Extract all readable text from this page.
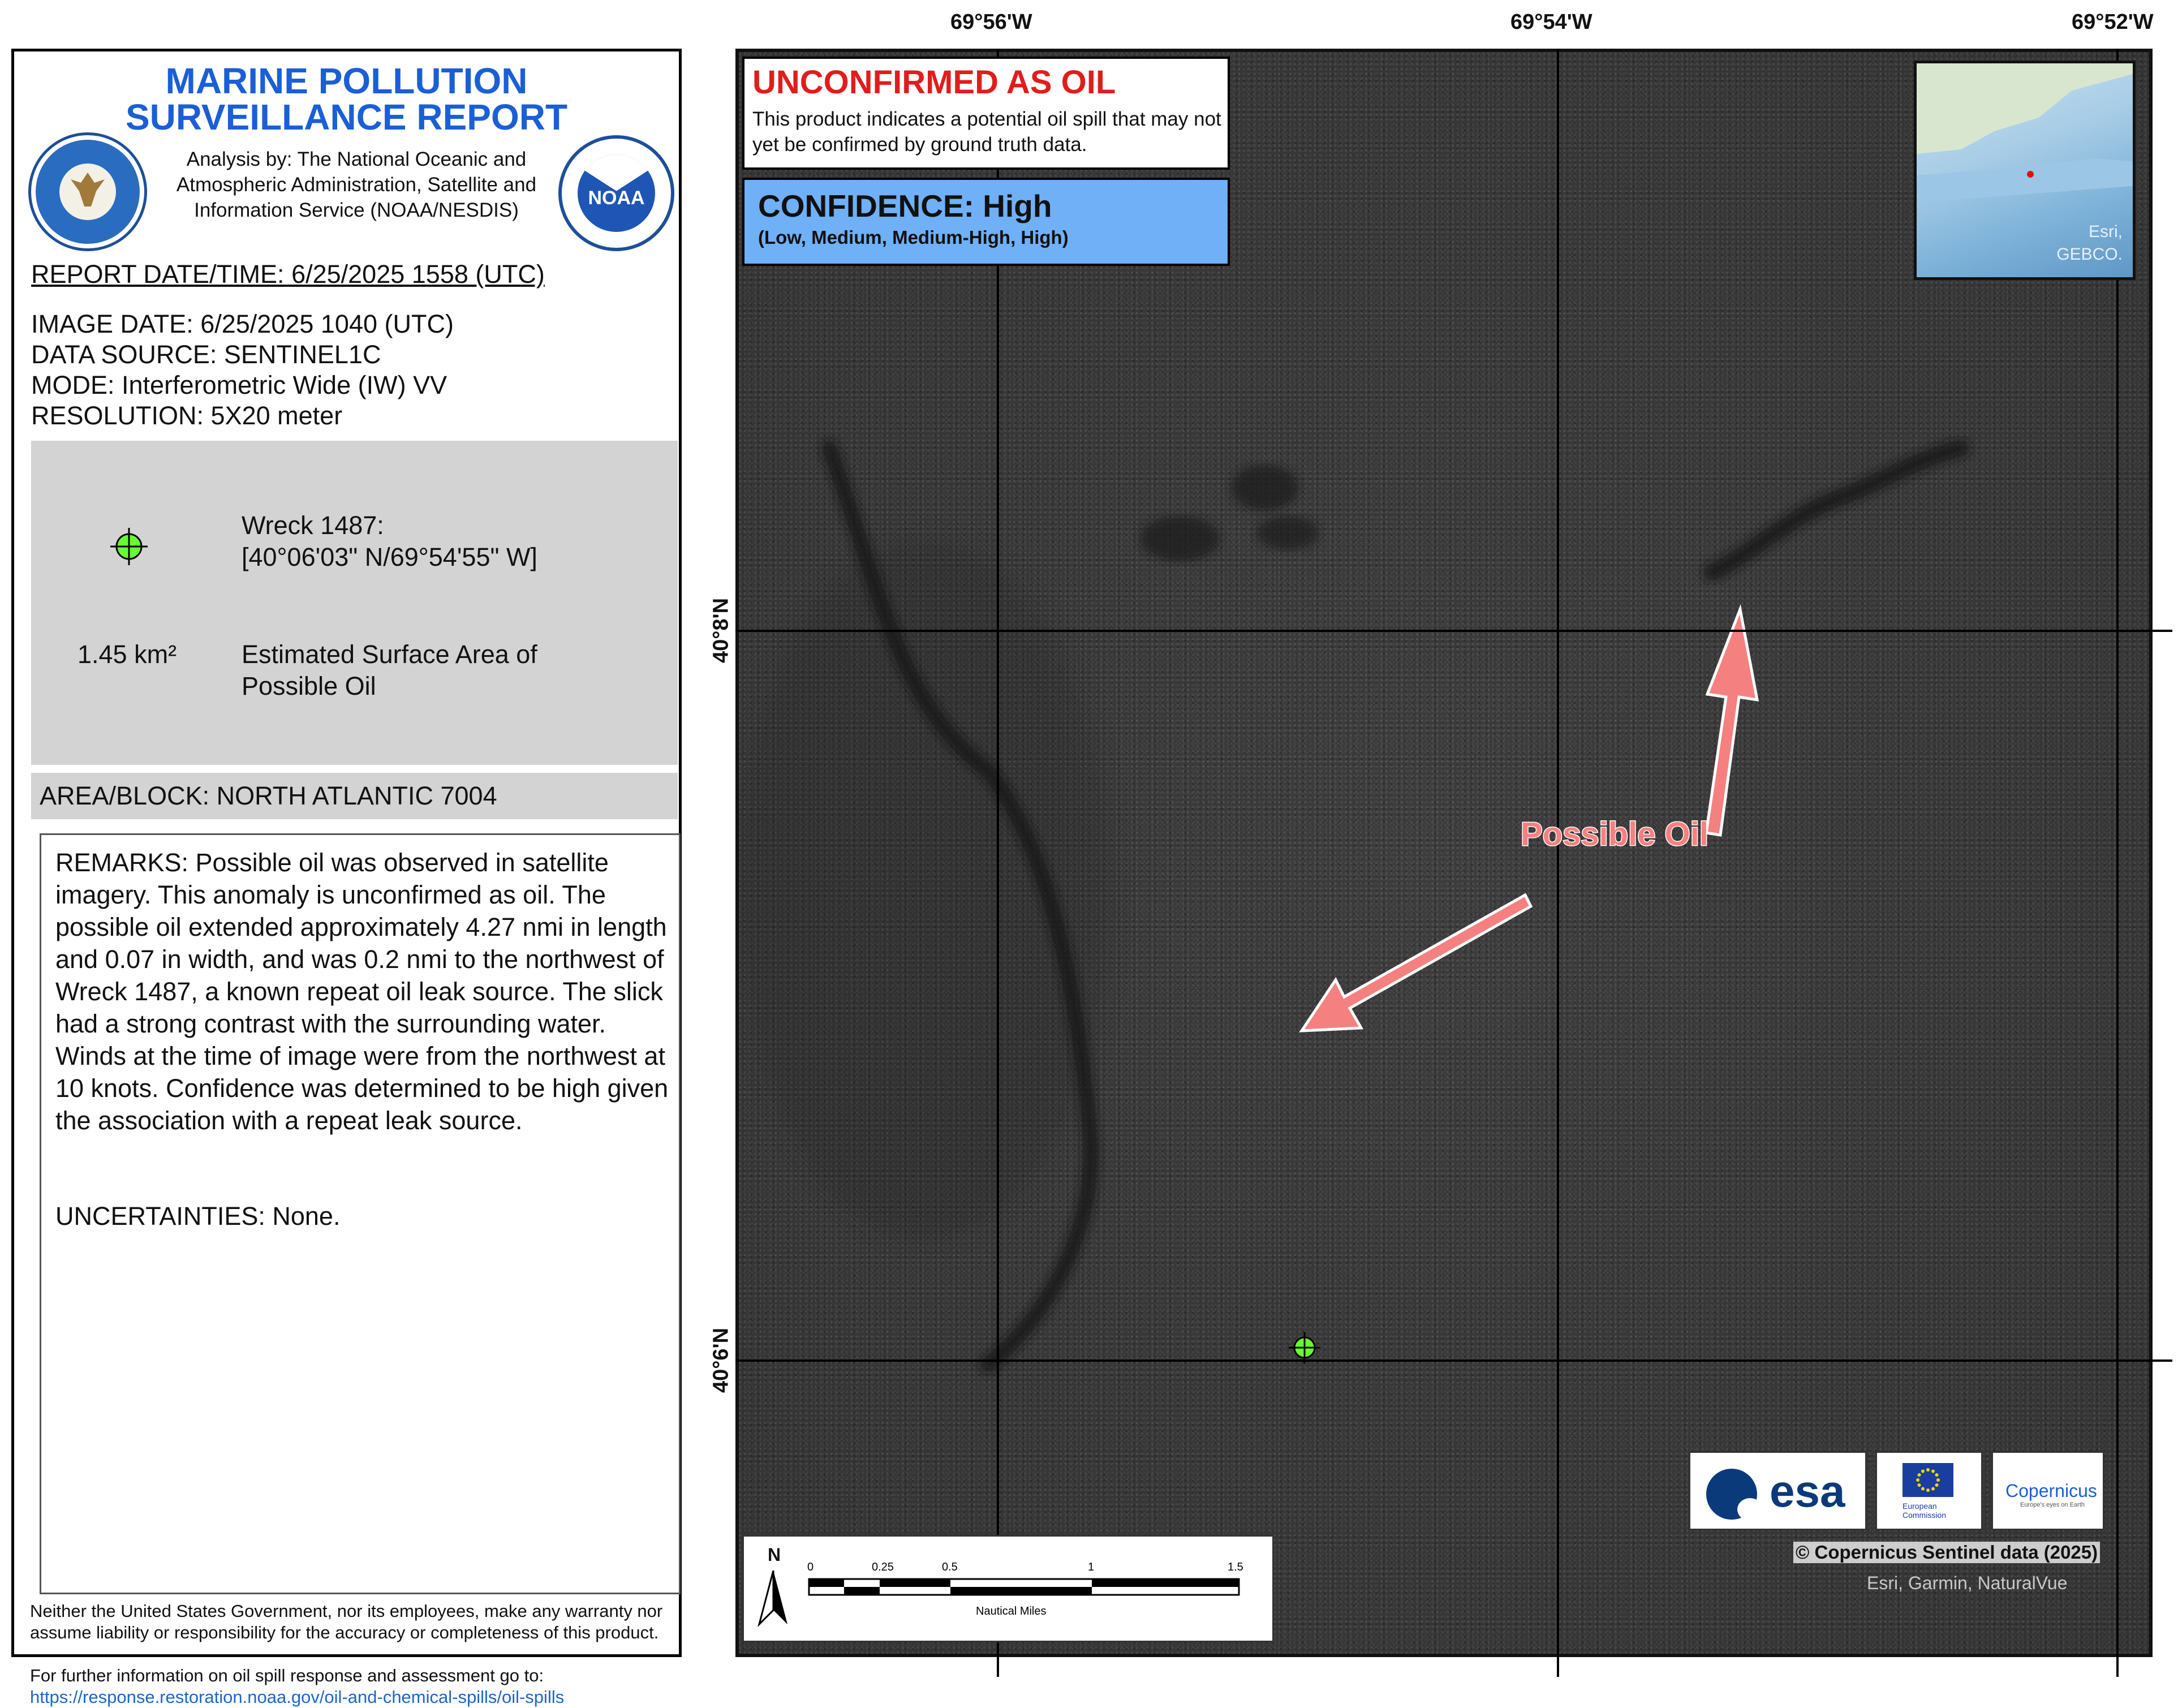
MARINE POLLUTION
SURVEILLANCE REPORT
Analysis by: The National Oceanic and Atmospheric Administration, Satellite and Information Service (NOAA/NESDIS)
NOAA
REPORT DATE/TIME: 6/25/2025 1558 (UTC)
IMAGE DATE: 6/25/2025 1040 (UTC)
DATA SOURCE: SENTINEL1C
MODE: Interferometric Wide (IW) VV
RESOLUTION: 5X20 meter
Wreck 1487:
[40°06'03" N/69°54'55" W]
1.45 km²	Estimated Surface Area of
Possible Oil
AREA/BLOCK: NORTH ATLANTIC 7004
REMARKS: Possible oil was observed in satellite imagery. This anomaly is unconfirmed as oil. The possible oil extended approximately 4.27 nmi in length and 0.07 in width, and was 0.2 nmi to the northwest of Wreck 1487, a known repeat oil leak source. The slick had a strong contrast with the surrounding water. Winds at the time of image were from the northwest at 10 knots. Confidence was determined to be high given the association with a repeat leak source.
UNCERTAINTIES: None.
Neither the United States Government, nor its employees, make any warranty nor assume liability or responsibility for the accuracy or completeness of this product.
For further information on oil spill response and assessment go to: https://response.restoration.noaa.gov/oil-and-chemical-spills/oil-spills
69°56'W	69°54'W	69°52'W
40°8'N
40°6'N
UNCONFIRMED AS OIL
This product indicates a potential oil spill that may not yet be confirmed by ground truth data.
CONFIDENCE: High
(Low, Medium, Medium-High, High)	Esri,
GEBCO.
Possible Oil
esa	European
Commission
Copernicus
Europe's eyes on Earth
© Copernicus Sentinel data (2025)
Esri, Garmin, NaturalVue
N
0	0.25	0.5	1	1.5
Nautical Miles
